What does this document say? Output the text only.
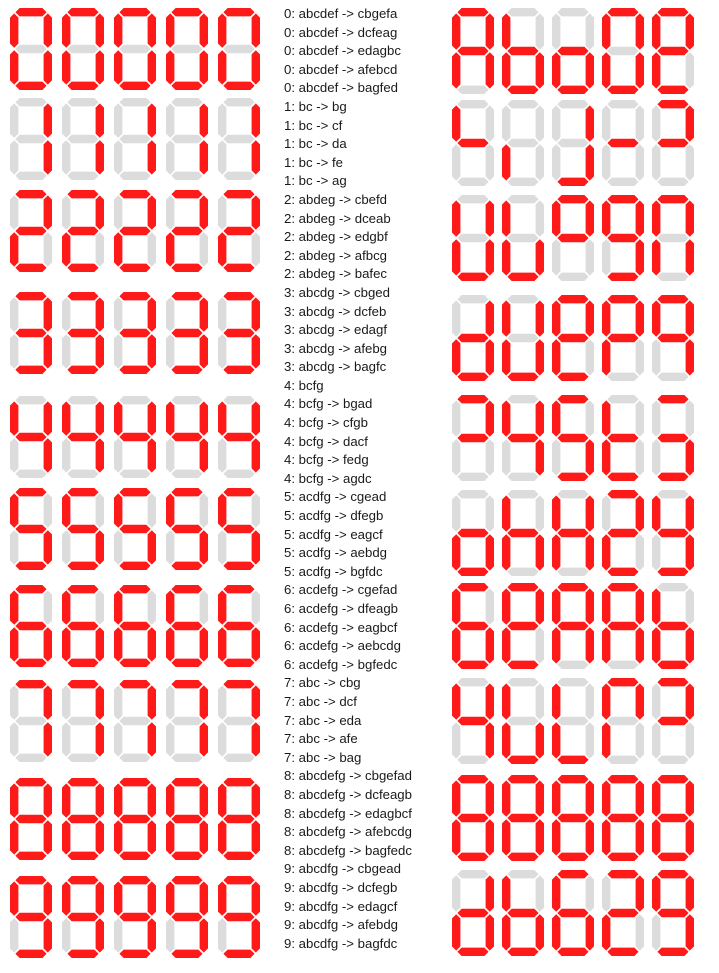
0: abcdef -> cbgefa
0: abcdef -> dcfeag
0: abcdef -> edagbc
0: abcdef -> afebcd
0: abcdef -> bagfed
1: bc -> bg
1: bc -> cf
1: bc -> da
1: bc -> fe
1: bc -> ag
2: abdeg -> cbefd
2: abdeg -> dceab
2: abdeg -> edgbf
2: abdeg -> afbcg
2: abdeg -> bafec
3: abcdg -> cbged
3: abcdg -> dcfeb
3: abcdg -> edagf
3: abcdg -> afebg
3: abcdg -> bagfc
4: bcfg
4: bcfg -> bgad
4: bcfg -> cfgb
4: bcfg -> dacf
4: bcfg -> fedg
4: bcfg -> agdc
5: acdfg -> cgead
5: acdfg -> dfegb
5: acdfg -> eagcf
5: acdfg -> aebdg
5: acdfg -> bgfdc
6: acdefg -> cgefad
6: acdefg -> dfeagb
6: acdefg -> eagbcf
6: acdefg -> aebcdg
6: acdefg -> bgfedc
7: abc -> cbg
7: abc -> dcf
7: abc -> eda
7: abc -> afe
7: abc -> bag
8: abcdefg -> cbgefad
8: abcdefg -> dcfeagb
8: abcdefg -> edagbcf
8: abcdefg -> afebcdg
8: abcdefg -> bagfedc
9: abcdfg -> cbgead
9: abcdfg -> dcfegb
9: abcdfg -> edagcf
9: abcdfg -> afebdg
9: abcdfg -> bagfdc
